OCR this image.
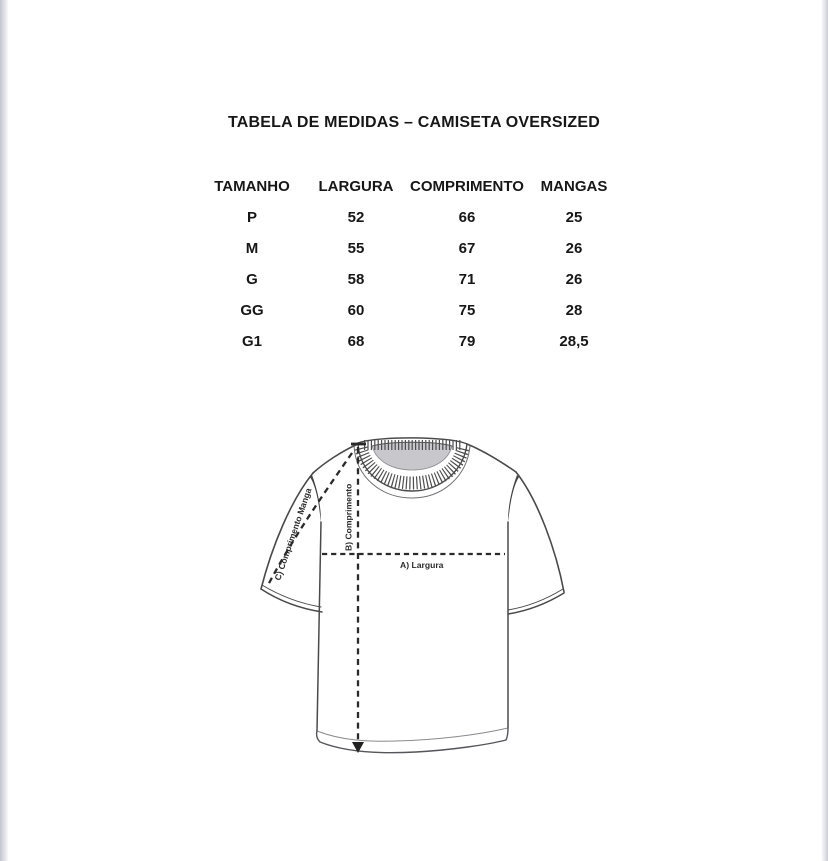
TABELA DE MEDIDAS – CAMISETA OVERSIZED
TAMANHO	LARGURA	COMPRIMENTO	MANGAS
P	52	66	25
M	55	67	26
G	58	71	26
GG	60	75	28
G1	68	79	28,5
A) Largura
B) Comprimento
C) Comprimento Manga
